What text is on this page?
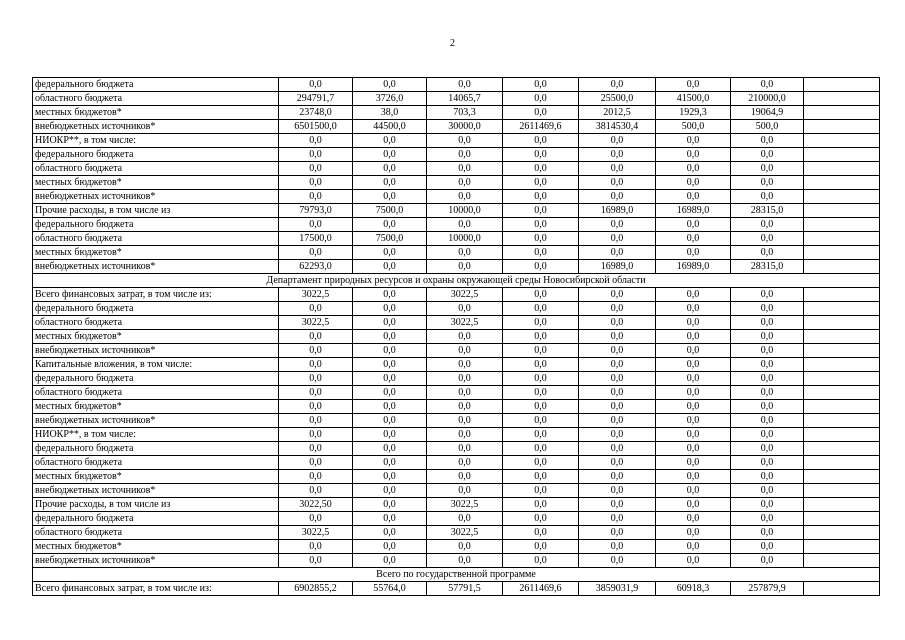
2
федерального бюджета	0,0	0,0	0,0	0,0	0,0	0,0	0,0	
областного бюджета	294791,7	3726,0	14065,7	0,0	25500,0	41500,0	210000,0	
местных бюджетов*	23748,0	38,0	703,3	0,0	2012,5	1929,3	19064,9	
внебюджетных источников*	6501500,0	44500,0	30000,0	2611469,6	3814530,4	500,0	500,0	
НИОКР**, в том числе:	0,0	0,0	0,0	0,0	0,0	0,0	0,0	
федерального бюджета	0,0	0,0	0,0	0,0	0,0	0,0	0,0	
областного бюджета	0,0	0,0	0,0	0,0	0,0	0,0	0,0	
местных бюджетов*	0,0	0,0	0,0	0,0	0,0	0,0	0,0	
внебюджетных источников*	0,0	0,0	0,0	0,0	0,0	0,0	0,0	
Прочие расходы, в том числе из	79793,0	7500,0	10000,0	0,0	16989,0	16989,0	28315,0	
федерального бюджета	0,0	0,0	0,0	0,0	0,0	0,0	0,0	
областного бюджета	17500,0	7500,0	10000,0	0,0	0,0	0,0	0,0	
местных бюджетов*	0,0	0,0	0,0	0,0	0,0	0,0	0,0	
внебюджетных источников*	62293,0	0,0	0,0	0,0	16989,0	16989,0	28315,0	
Департамент природных ресурсов и охраны окружающей среды Новосибирской области								
Всего финансовых затрат, в том числе из:	3022,5	0,0	3022,5	0,0	0,0	0,0	0,0	
федерального бюджета	0,0	0,0	0,0	0,0	0,0	0,0	0,0	
областного бюджета	3022,5	0,0	3022,5	0,0	0,0	0,0	0,0	
местных бюджетов*	0,0	0,0	0,0	0,0	0,0	0,0	0,0	
внебюджетных источников*	0,0	0,0	0,0	0,0	0,0	0,0	0,0	
Капитальные вложения, в том числе:	0,0	0,0	0,0	0,0	0,0	0,0	0,0	
федерального бюджета	0,0	0,0	0,0	0,0	0,0	0,0	0,0	
областного бюджета	0,0	0,0	0,0	0,0	0,0	0,0	0,0	
местных бюджетов*	0,0	0,0	0,0	0,0	0,0	0,0	0,0	
внебюджетных источников*	0,0	0,0	0,0	0,0	0,0	0,0	0,0	
НИОКР**, в том числе:	0,0	0,0	0,0	0,0	0,0	0,0	0,0	
федерального бюджета	0,0	0,0	0,0	0,0	0,0	0,0	0,0	
областного бюджета	0,0	0,0	0,0	0,0	0,0	0,0	0,0	
местных бюджетов*	0,0	0,0	0,0	0,0	0,0	0,0	0,0	
внебюджетных источников*	0,0	0,0	0,0	0,0	0,0	0,0	0,0	
Прочие расходы, в том числе из	3022,50	0,0	3022,5	0,0	0,0	0,0	0,0	
федерального бюджета	0,0	0,0	0,0	0,0	0,0	0,0	0,0	
областного бюджета	3022,5	0,0	3022,5	0,0	0,0	0,0	0,0	
местных бюджетов*	0,0	0,0	0,0	0,0	0,0	0,0	0,0	
внебюджетных источников*	0,0	0,0	0,0	0,0	0,0	0,0	0,0	
Всего по государственной программе								
Всего финансовых затрат, в том числе из:	6902855,2	55764,0	57791,5	2611469,6	3859031,9	60918,3	257879,9	
